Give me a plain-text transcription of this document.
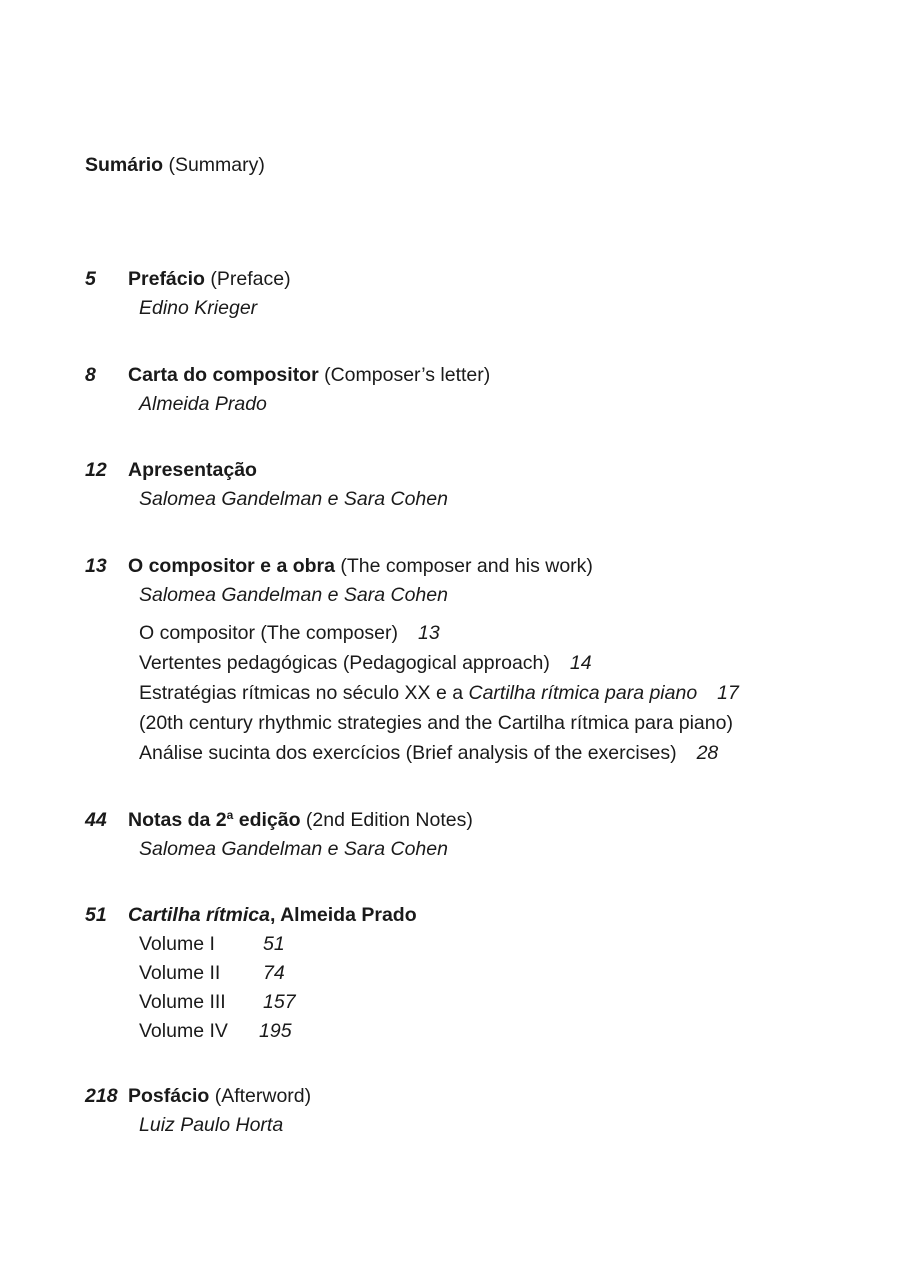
Sumário (Summary)
5 Prefácio (Preface)
Edino Krieger
8 Carta do compositor (Composer’s letter)
Almeida Prado
12 Apresentação
Salomea Gandelman e Sara Cohen
13 O compositor e a obra (The composer and his work)
Salomea Gandelman e Sara Cohen
O compositor (The composer) 13
Vertentes pedagógicas (Pedagogical approach) 14
Estratégias rítmicas no século XX e a Cartilha rítmica para piano 17
(20th century rhythmic strategies and the Cartilha rítmica para piano)
Análise sucinta dos exercícios (Brief analysis of the exercises) 28
44 Notas da 2$^a$ edição (2nd Edition Notes)
Salomea Gandelman e Sara Cohen
51 Cartilha rítmica, Almeida Prado
Volume I 51
Volume II 74
Volume III 157
Volume IV 195
218 Posfácio (Afterword)
Luiz Paulo Horta
